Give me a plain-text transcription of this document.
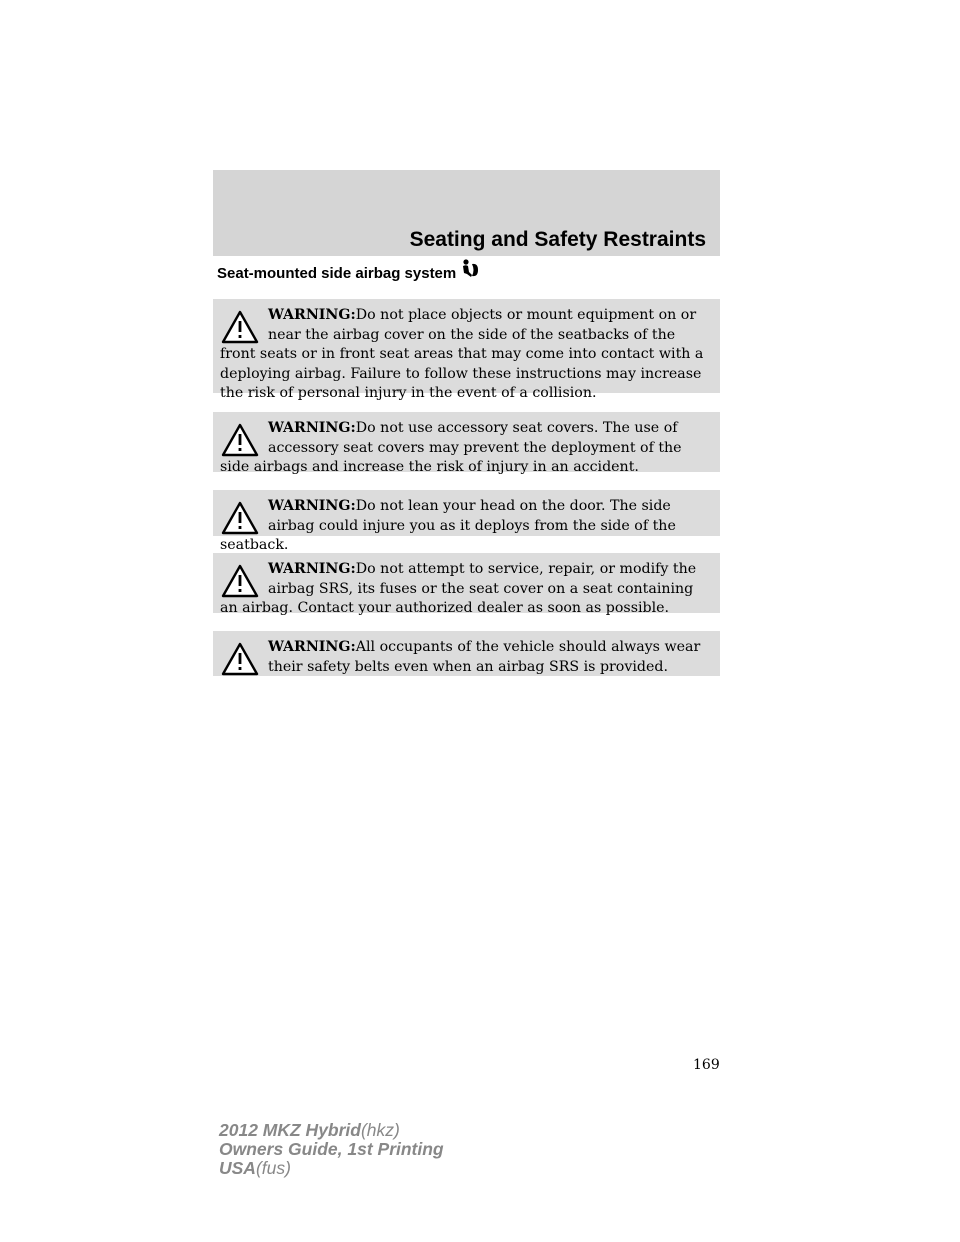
Seating and Safety Restraints
Seat-mounted side airbag system
WARNING:Do not place objects or mount equipment on or near the airbag cover on the side of the seatbacks of the front seats or in front seat areas that may come into contact with a deploying airbag. Failure to follow these instructions may increase the risk of personal injury in the event of a collision.
WARNING:Do not use accessory seat covers. The use of accessory seat covers may prevent the deployment of the side airbags and increase the risk of injury in an accident.
WARNING:Do not lean your head on the door. The side airbag could injure you as it deploys from the side of the seatback.
WARNING:Do not attempt to service, repair, or modify the airbag SRS, its fuses or the seat cover on a seat containing an airbag. Contact your authorized dealer as soon as possible.
WARNING:All occupants of the vehicle should always wear their safety belts even when an airbag SRS is provided.
169
2012 MKZ Hybrid(hkz)
Owners Guide, 1st Printing
USA(fus)
